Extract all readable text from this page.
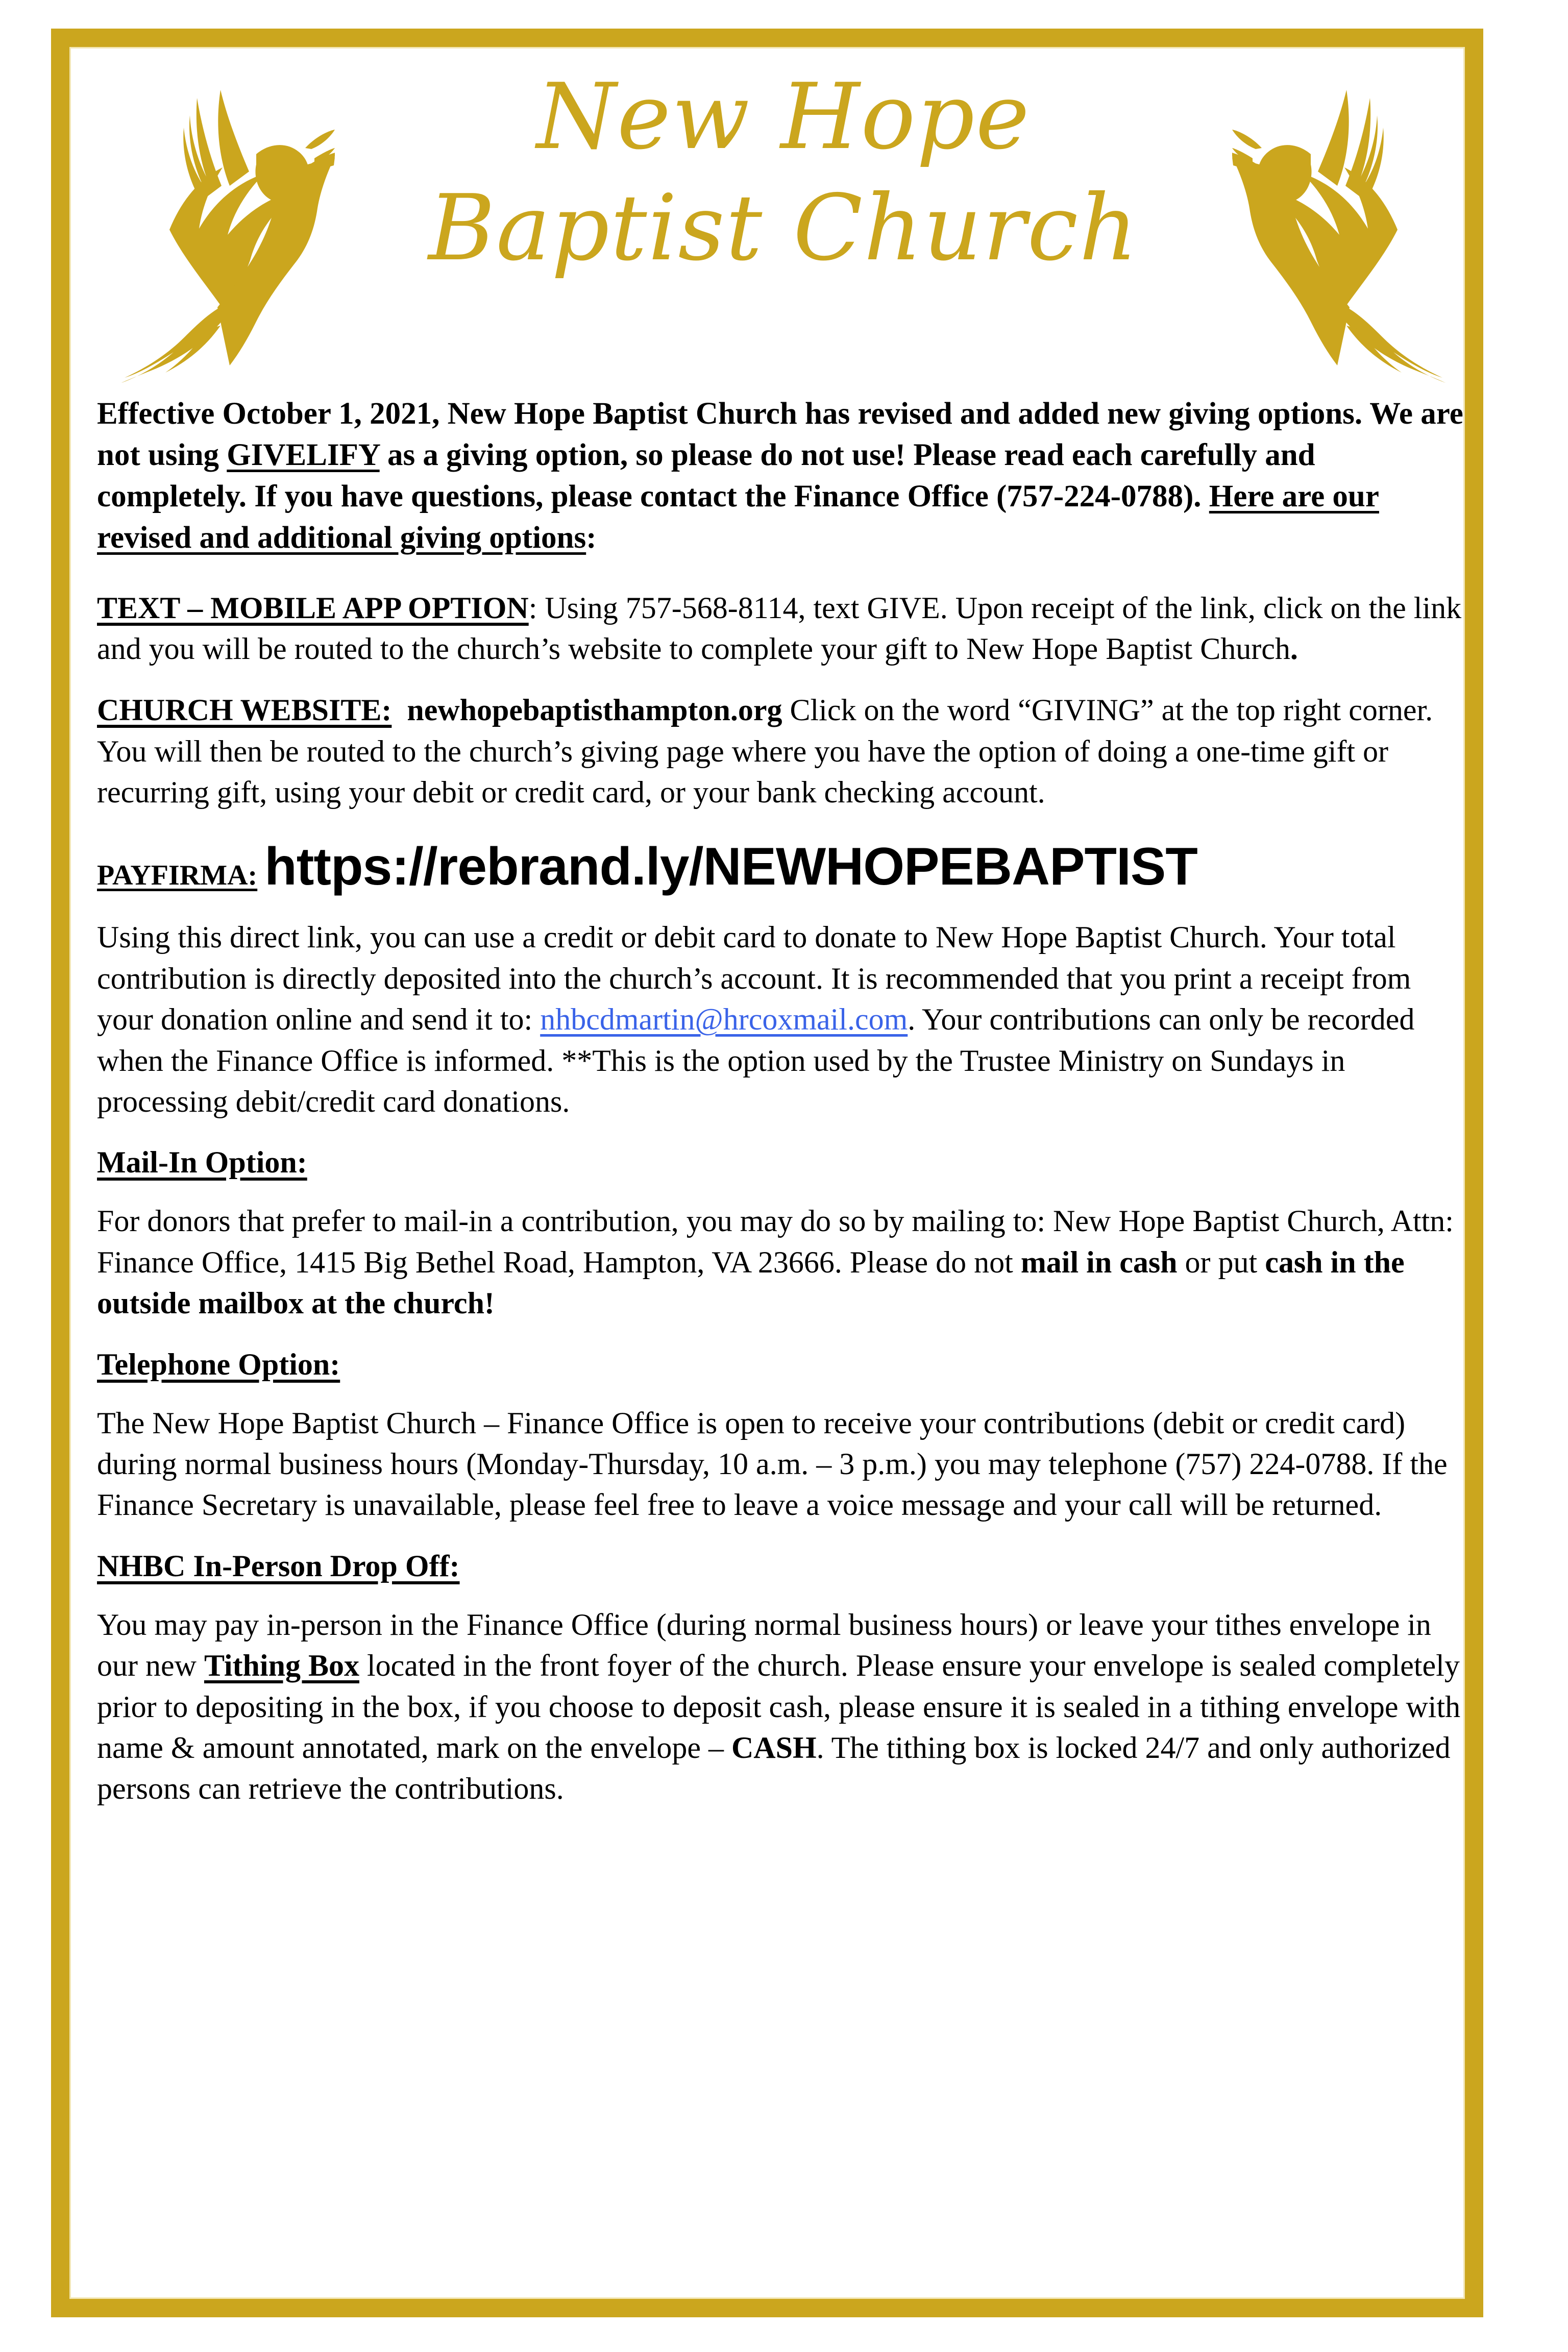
New Hope
Baptist Church

Effective October 1, 2021, New Hope Baptist Church has revised and added new giving options. We are not using GIVELIFY as a giving option, so please do not use! Please read each carefully and completely. If you have questions, please contact the Finance Office (757-224-0788). Here are our revised and additional giving options:

TEXT – MOBILE APP OPTION: Using 757-568-8114, text GIVE. Upon receipt of the link, click on the link and you will be routed to the church’s website to complete your gift to New Hope Baptist Church.

CHURCH WEBSITE: newhopebaptisthampton.org Click on the word “GIVING” at the top right corner. You will then be routed to the church’s giving page where you have the option of doing a one-time gift or recurring gift, using your debit or credit card, or your bank checking account.

PAYFIRMA: https://rebrand.ly/NEWHOPEBAPTIST

Using this direct link, you can use a credit or debit card to donate to New Hope Baptist Church. Your total contribution is directly deposited into the church’s account. It is recommended that you print a receipt from your donation online and send it to: nhbcdmartin@hrcoxmail.com. Your contributions can only be recorded when the Finance Office is informed. **This is the option used by the Trustee Ministry on Sundays in processing debit/credit card donations.

Mail-In Option:

For donors that prefer to mail-in a contribution, you may do so by mailing to: New Hope Baptist Church, Attn: Finance Office, 1415 Big Bethel Road, Hampton, VA 23666. Please do not mail in cash or put cash in the outside mailbox at the church!

Telephone Option:

The New Hope Baptist Church – Finance Office is open to receive your contributions (debit or credit card) during normal business hours (Monday-Thursday, 10 a.m. – 3 p.m.) you may telephone (757) 224-0788. If the Finance Secretary is unavailable, please feel free to leave a voice message and your call will be returned.

NHBC In-Person Drop Off:

You may pay in-person in the Finance Office (during normal business hours) or leave your tithes envelope in our new Tithing Box located in the front foyer of the church. Please ensure your envelope is sealed completely prior to depositing in the box, if you choose to deposit cash, please ensure it is sealed in a tithing envelope with name & amount annotated, mark on the envelope – CASH. The tithing box is locked 24/7 and only authorized persons can retrieve the contributions.
